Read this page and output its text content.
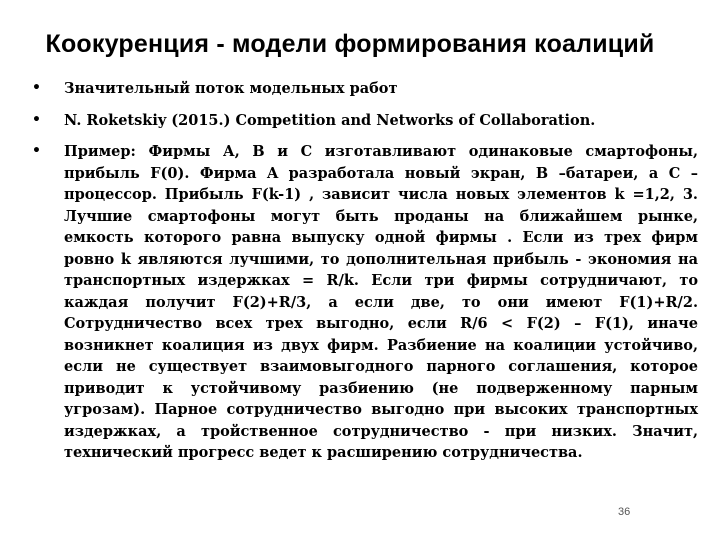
Коокуренция - модели формирования коалиций
• Значительный поток модельных работ
• N. Roketskiy (2015.) Competition and Networks of Collaboration.
• Пример: Фирмы А, В и С изготавливают одинаковые смартофоны, прибыль F(0). Фирма A разработала новый экран, B –батареи, а С –процессор. Прибыль F(k-1) , зависит числа новых элементов k =1,2, 3. Лучшие смартофоны могут быть проданы на ближайшем рынке, емкость которого равна выпуску одной фирмы . Если из трех фирм ровно k являются лучшими, то дополнительная прибыль - экономия на транспортных издержках = R/k. Если три фирмы сотрудничают, то каждая получит F(2)+R/3, а если две, то они имеют F(1)+R/2. Сотрудничество всех трех выгодно, если R/6 < F(2) – F(1), иначе возникнет коалиция из двух фирм. Разбиение на коалиции устойчиво, если не существует взаимовыгодного парного соглашения, которое приводит к устойчивому разбиению (не подверженному парным угрозам). Парное сотрудничество выгодно при высоких транспортных издержках, а тройственное сотрудничество - при низких. Значит, технический прогресс ведет к расширению сотрудничества.
36
